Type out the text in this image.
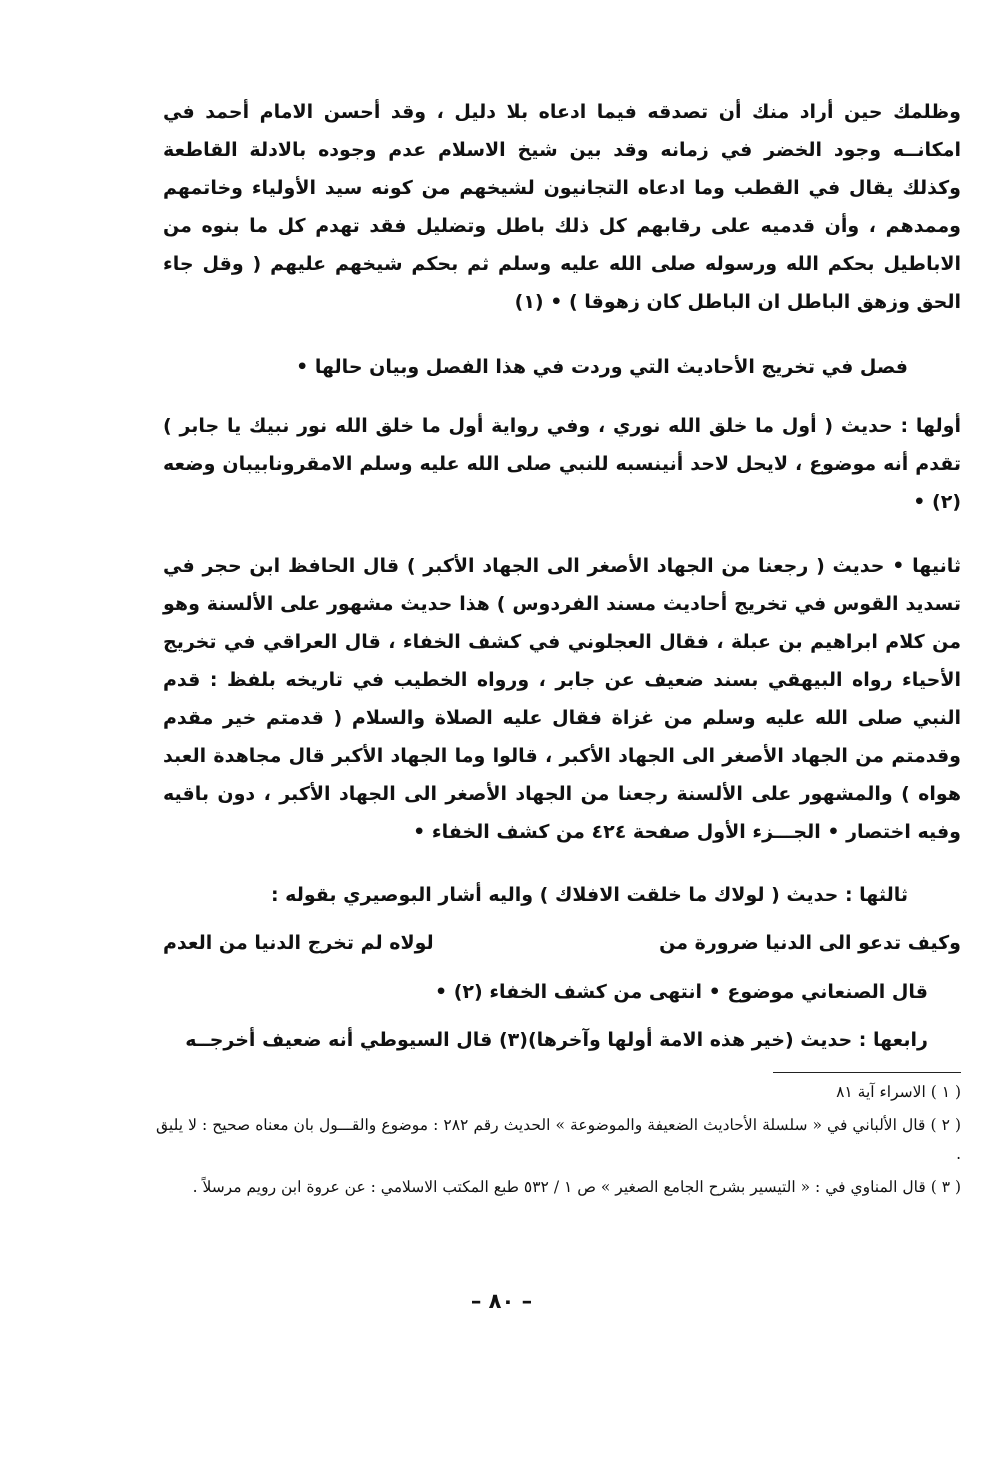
وظلمك حين أراد منك أن تصدقه فيما ادعاه بلا دليل ، وقد أحسن الامام أحمد في امكانــه وجود الخضر في زمانه وقد بين شيخ الاسلام عدم وجوده بالادلة القاطعة وكذلك يقال في القطب وما ادعاه التجانيون لشيخهم من كونه سيد الأولياء وخاتمهم وممدهم ، وأن قدميه على رقابهم كل ذلك باطل وتضليل فقد تهدم كل ما بنوه من الاباطيل بحكم الله ورسوله صلى الله عليه وسلم ثم بحكم شيخهم عليهم ( وقل جاء الحق وزهق الباطل ان الباطل كان زهوقا ) • (١)

فصل في تخريج الأحاديث التي وردت في هذا الفصل وبيان حالها •

أولها : حديث ( أول ما خلق الله نوري ، وفي رواية أول ما خلق الله نور نبيك يا جابر ) تقدم أنه موضوع ، لايحل لاحد أنينسبه للنبي صلى الله عليه وسلم الامقرونابيبان وضعه (٢) •

ثانيها • حديث ( رجعنا من الجهاد الأصغر الى الجهاد الأكبر ) قال الحافظ ابن حجر في تسديد القوس في تخريج أحاديث مسند الفردوس ) هذا حديث مشهور على الألسنة وهو من كلام ابراهيم بن عبلة ، فقال العجلوني في كشف الخفاء ، قال العراقي في تخريج الأحياء رواه البيهقي بسند ضعيف عن جابر ، ورواه الخطيب في تاريخه بلفظ : قدم النبي صلى الله عليه وسلم من غزاة فقال عليه الصلاة والسلام ( قدمتم خير مقدم وقدمتم من الجهاد الأصغر الى الجهاد الأكبر ، قالوا وما الجهاد الأكبر قال مجاهدة العبد هواه ) والمشهور على الألسنة رجعنا من الجهاد الأصغر الى الجهاد الأكبر ، دون باقيه وفيه اختصار • الجـــزء الأول صفحة ٤٢٤ من كشف الخفاء •

ثالثها : حديث ( لولاك ما خلقت الافلاك ) واليه أشار البوصيري بقوله :

وكيف تدعو الى الدنيا ضرورة من
لولاه لم تخرج الدنيا من العدم

قال الصنعاني موضوع • انتهى من كشف الخفاء (٢) •

رابعها : حديث (خير هذه الامة أولها وآخرها)(٣) قال السيوطي أنه ضعيف أخرجــه

( ١ ) الاسراء آية ٨١

( ٢ ) قال الألباني في « سلسلة الأحاديث الضعيفة والموضوعة » الحديث رقم ٢٨٢ : موضوع والقـــول بان معناه صحيح : لا يليق .

( ٣ ) قال المناوي في : « التيسير بشرح الجامع الصغير » ص ١ / ٥٣٢ طبع المكتب الاسلامي : عن عروة ابن رويم مرسلاً .

– ٨٠ –
